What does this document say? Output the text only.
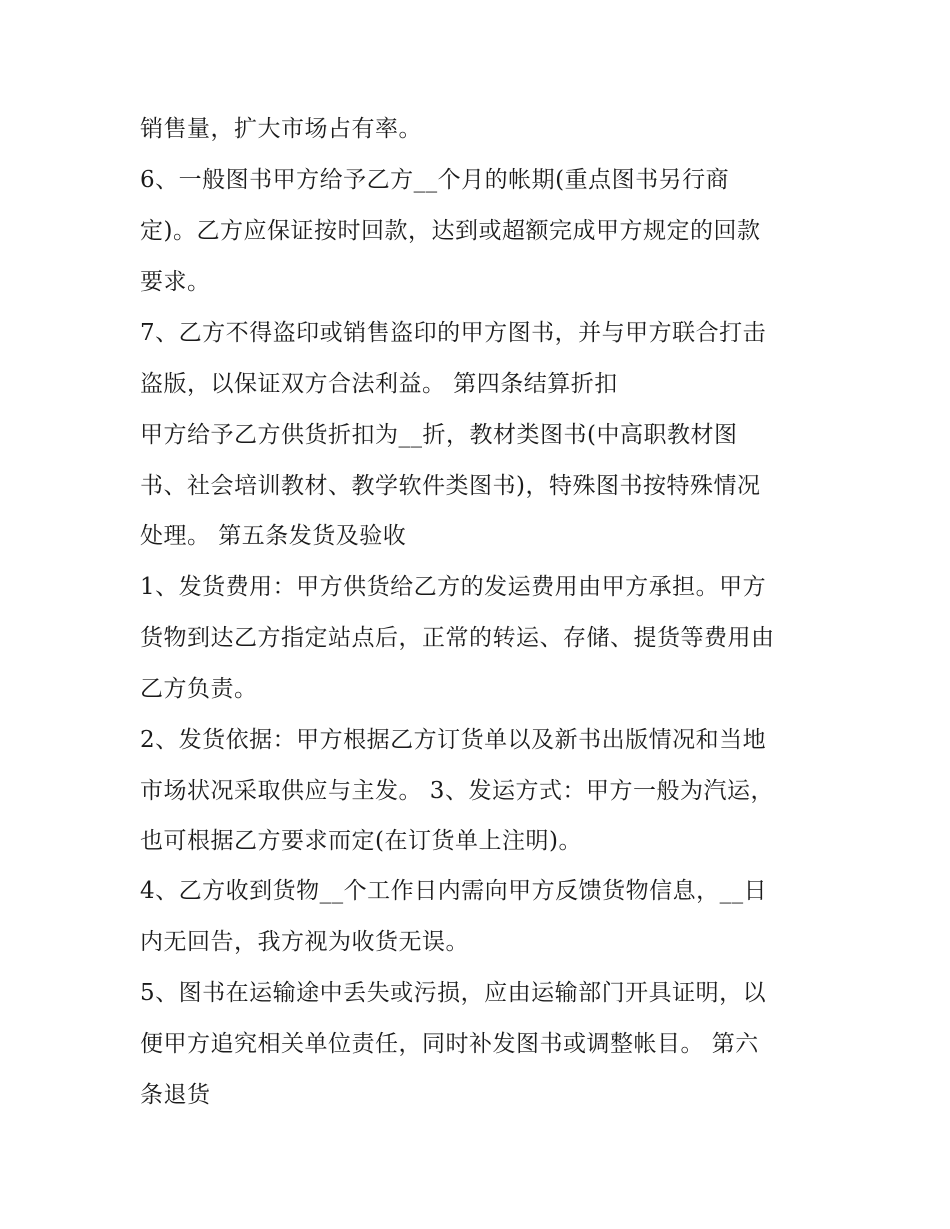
销售量，扩大市场占有率。
6、一般图书甲方给予乙方__个月的帐期(重点图书另行商
定)。乙方应保证按时回款，达到或超额完成甲方规定的回款
要求。
7、乙方不得盗印或销售盗印的甲方图书，并与甲方联合打击
盗版，以保证双方合法利益。 第四条结算折扣
甲方给予乙方供货折扣为__折，教材类图书(中高职教材图
书、社会培训教材、教学软件类图书)，特殊图书按特殊情况
处理。 第五条发货及验收
1、发货费用：甲方供货给乙方的发运费用由甲方承担。甲方
货物到达乙方指定站点后，正常的转运、存储、提货等费用由
乙方负责。
2、发货依据：甲方根据乙方订货单以及新书出版情况和当地
市场状况采取供应与主发。 3、发运方式：甲方一般为汽运，
也可根据乙方要求而定(在订货单上注明)。
4、乙方收到货物__个工作日内需向甲方反馈货物信息，__日
内无回告，我方视为收货无误。
5、图书在运输途中丢失或污损，应由运输部门开具证明，以
便甲方追究相关单位责任，同时补发图书或调整帐目。 第六
条退货
